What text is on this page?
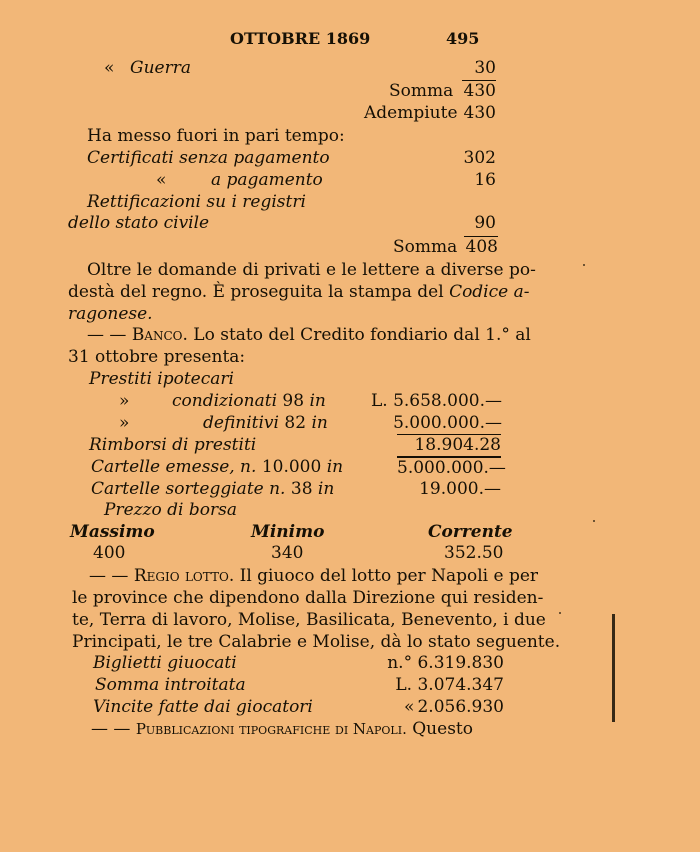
OTTOBRE 1869	495
« Guerra	30
Somma 430
Adempiute 430
Ha messo fuori in pari tempo:
Certificati senza pagamento	302
«	a pagamento	16
Rettificazioni su i registri
dello stato civile	90
Somma 408
Oltre le domande di privati e le lettere a diverse po-
destà del regno. È proseguita la stampa del Codice a-
ragonese.
— — Banco. Lo stato del Credito fondiario dal 1.° al
31 ottobre presenta:
Prestiti ipotecari
»	condizionati 98 in	L. 5.658.000.—
»	definitivi 82 in	5.000.000.—
Rimborsi di prestiti	18.904.28
Cartelle emesse, n. 10.000 in	5.000.000.—
Cartelle sorteggiate n. 38 in	19.000.—
Prezzo di borsa
Massimo	Minimo	Corrente
400	340	352.50
— — Regio lotto. Il giuoco del lotto per Napoli e per
le province che dipendono dalla Direzione qui residen-
te, Terra di lavoro, Molise, Basilicata, Benevento, i due
Principati, le tre Calabrie e Molise, dà lo stato seguente.
Biglietti giuocati	n.° 6.319.830
Somma introitata	L. 3.074.347
Vincite fatte dai giocatori	« 2.056.930
— — Pubblicazioni tipografiche di Napoli. Questo
